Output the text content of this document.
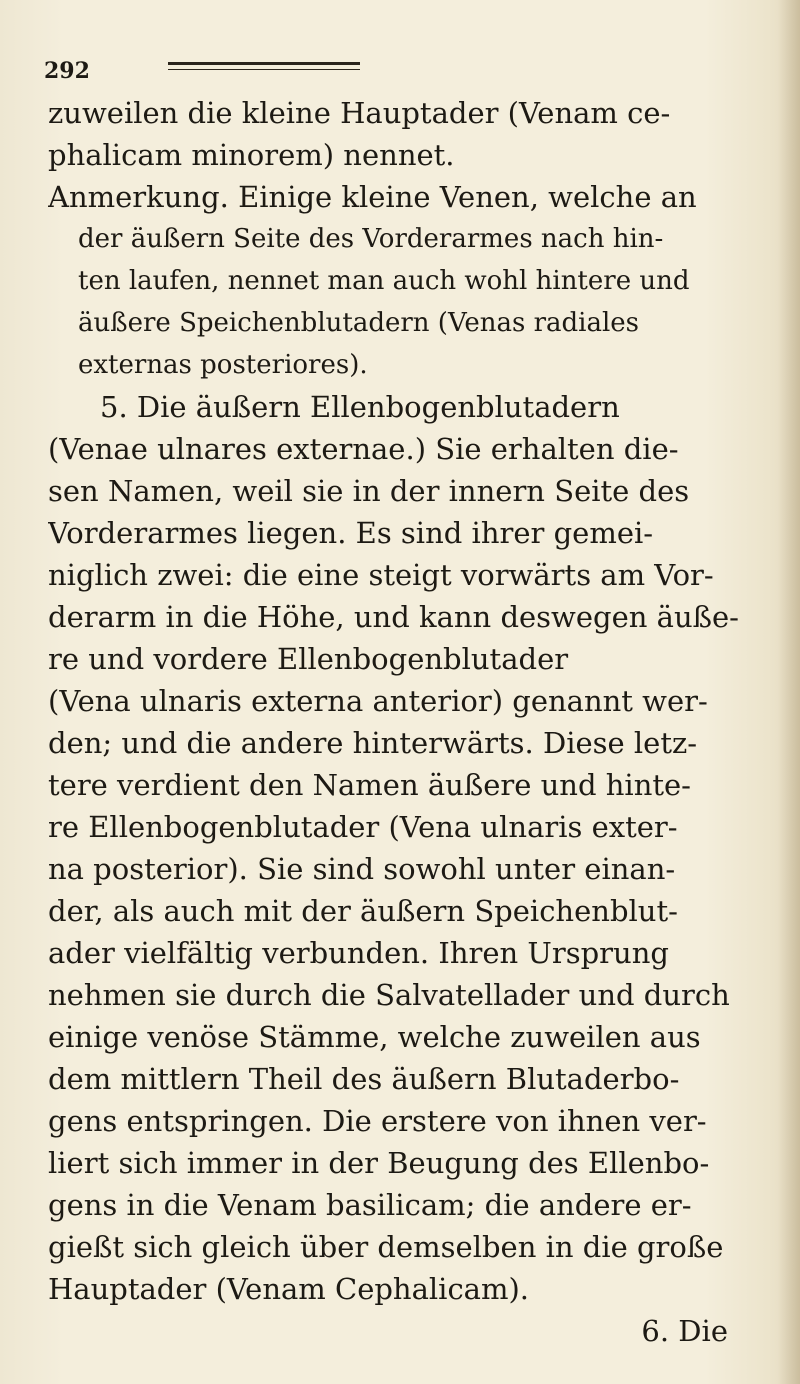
292
zuweilen die kleine Hauptader (Venam ce-
phalicam minorem) nennet.
Anmerkung. Einige kleine Venen, welche an
der äußern Seite des Vorderarmes nach hin-
ten laufen, nennet man auch wohl hintere und
äußere Speichenblutadern (Venas radiales
externas posteriores).
5. Die äußern Ellenbogenblutadern
(Venae ulnares externae.) Sie erhalten die-
sen Namen, weil sie in der innern Seite des
Vorderarmes liegen. Es sind ihrer gemei-
niglich zwei: die eine steigt vorwärts am Vor-
derarm in die Höhe, und kann deswegen äuße-
re und vordere Ellenbogenblutader
(Vena ulnaris externa anterior) genannt wer-
den; und die andere hinterwärts. Diese letz-
tere verdient den Namen äußere und hinte-
re Ellenbogenblutader (Vena ulnaris exter-
na posterior). Sie sind sowohl unter einan-
der, als auch mit der äußern Speichenblut-
ader vielfältig verbunden. Ihren Ursprung
nehmen sie durch die Salvatellader und durch
einige venöse Stämme, welche zuweilen aus
dem mittlern Theil des äußern Blutaderbo-
gens entspringen. Die erstere von ihnen ver-
liert sich immer in der Beugung des Ellenbo-
gens in die Venam basilicam; die andere er-
gießt sich gleich über demselben in die große
Hauptader (Venam Cephalicam).
6. Die
